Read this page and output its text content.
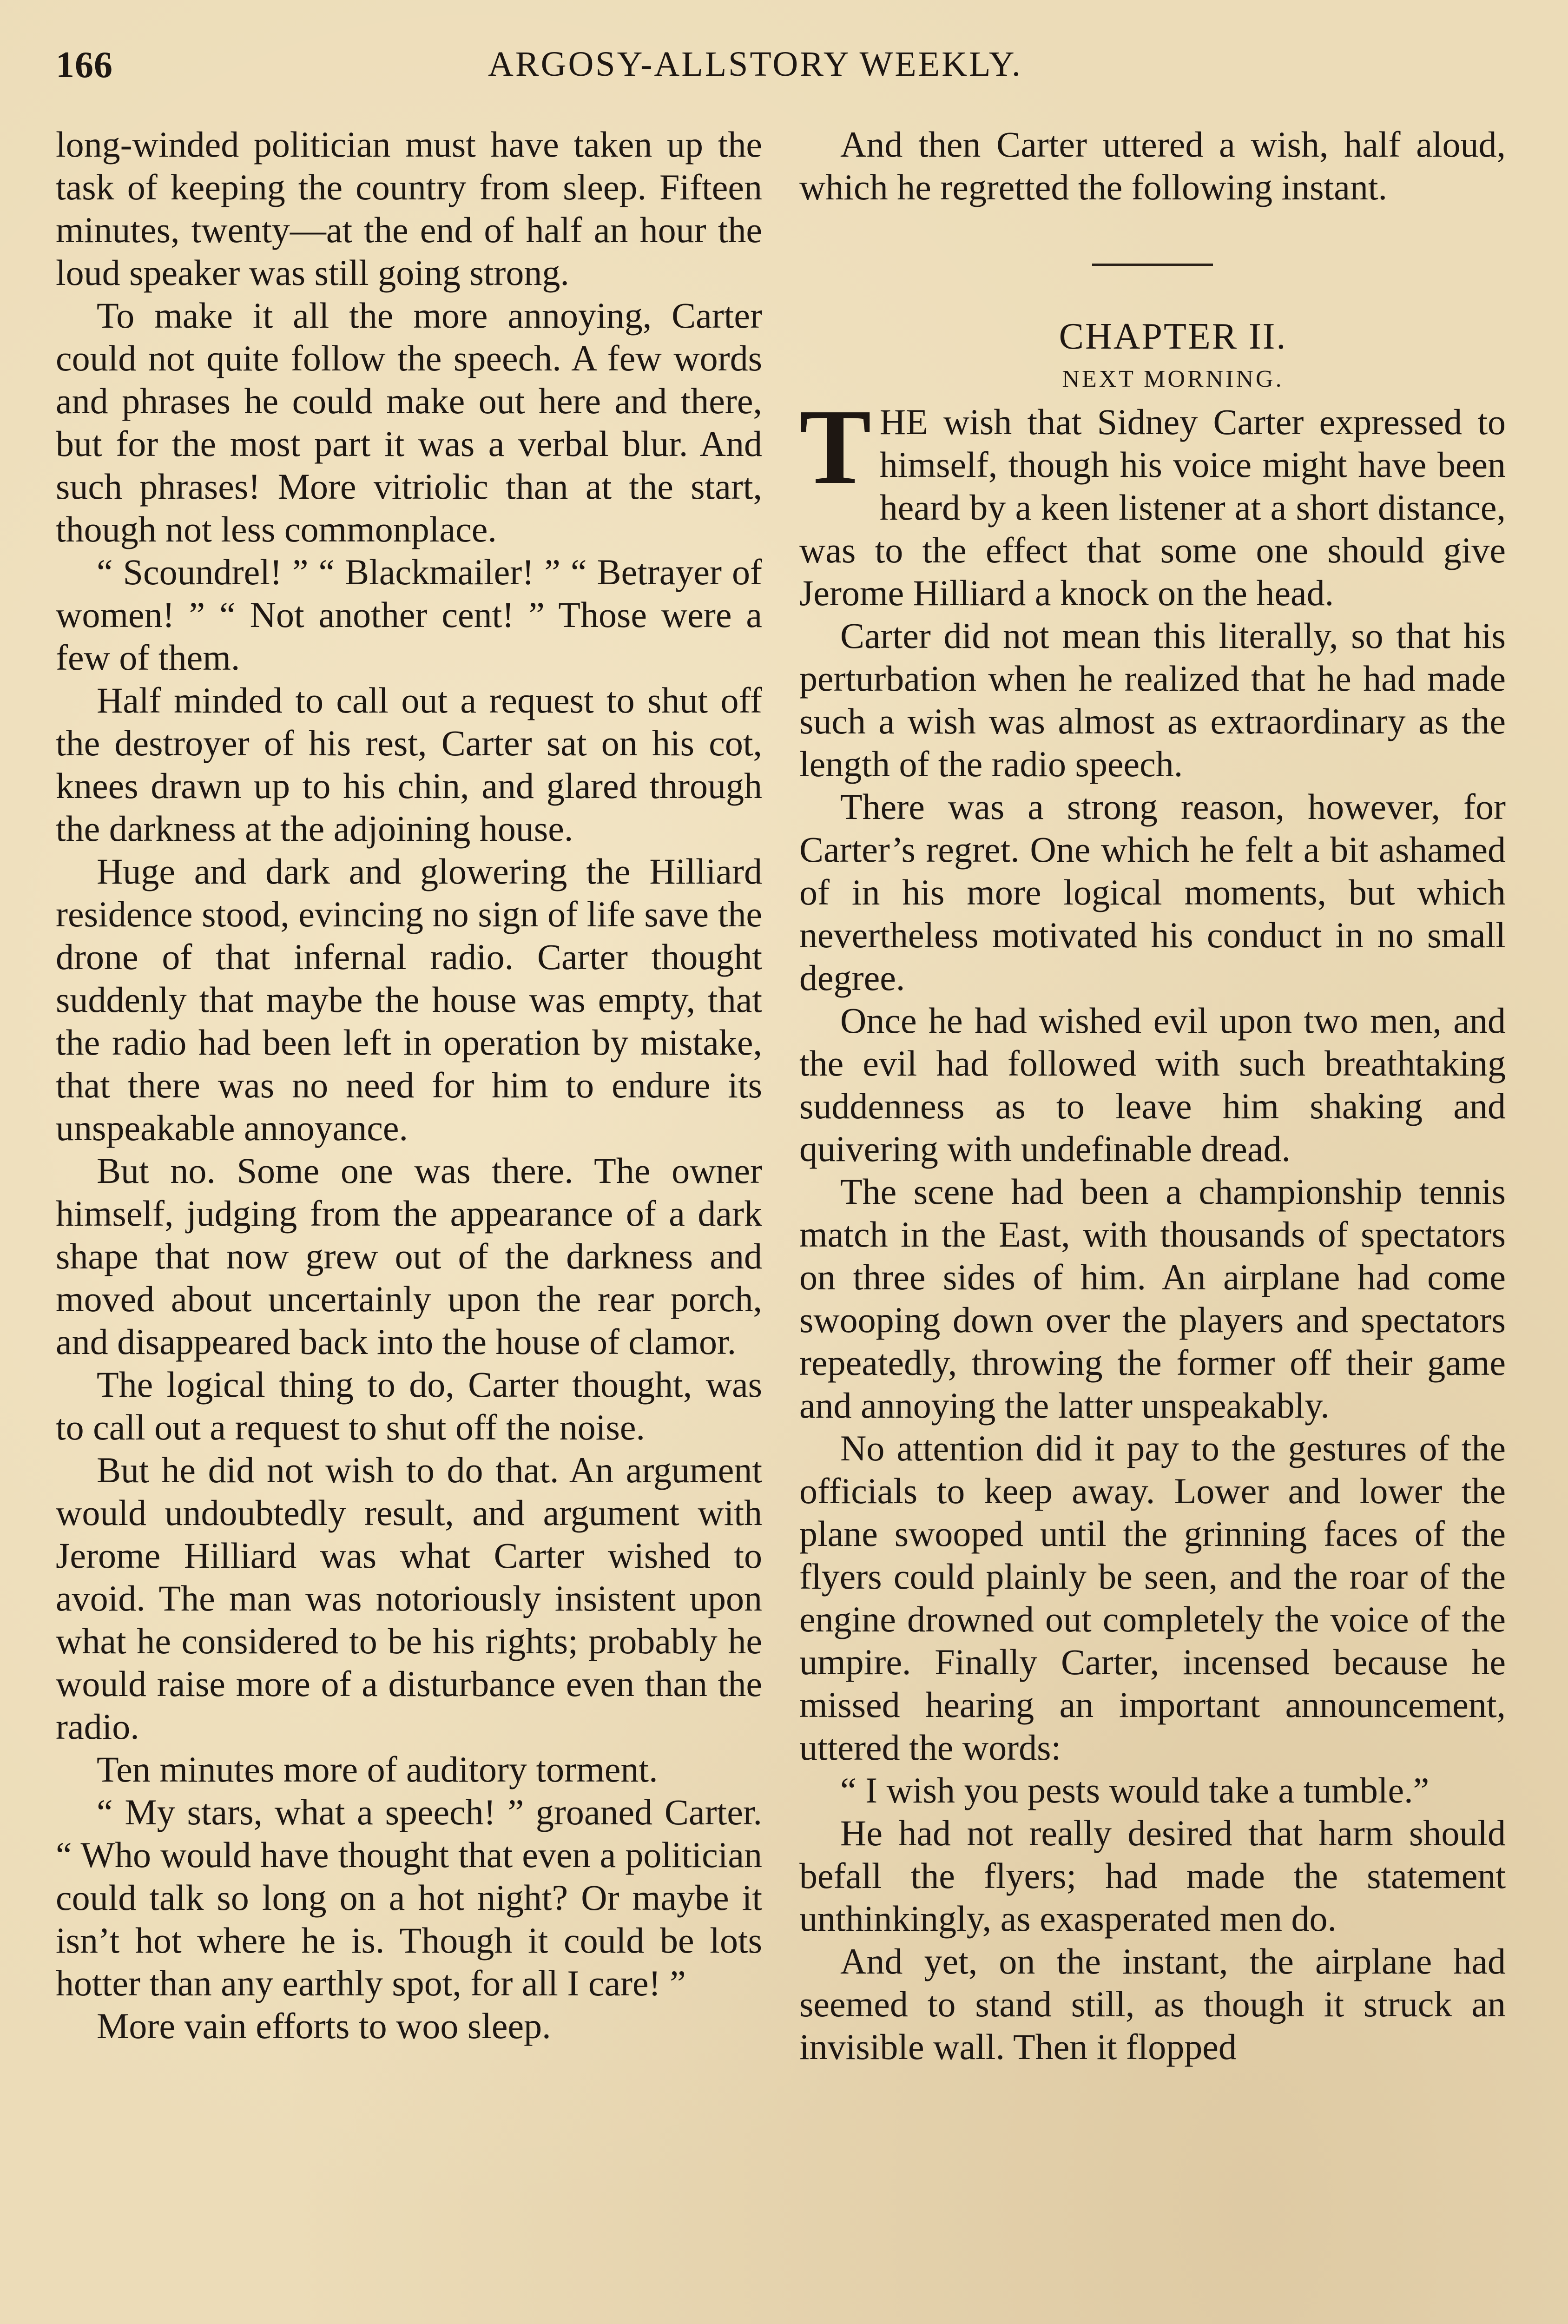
166	ARGOSY-ALLSTORY WEEKLY.

long-winded politician must have taken up the task of keeping the country from sleep. Fifteen minutes, twenty—at the end of half an hour the loud speaker was still going strong.

To make it all the more annoying, Carter could not quite follow the speech. A few words and phrases he could make out here and there, but for the most part it was a verbal blur. And such phrases! More vitriolic than at the start, though not less commonplace.

“ Scoundrel! ” “ Blackmailer! ” “ Betrayer of women! ” “ Not another cent! ” Those were a few of them.

Half minded to call out a request to shut off the destroyer of his rest, Carter sat on his cot, knees drawn up to his chin, and glared through the darkness at the adjoining house.

Huge and dark and glowering the Hilliard residence stood, evincing no sign of life save the drone of that infernal radio. Carter thought suddenly that maybe the house was empty, that the radio had been left in operation by mistake, that there was no need for him to endure its unspeakable annoyance.

But no. Some one was there. The owner himself, judging from the appearance of a dark shape that now grew out of the darkness and moved about uncertainly upon the rear porch, and disappeared back into the house of clamor.

The logical thing to do, Carter thought, was to call out a request to shut off the noise.

But he did not wish to do that. An argument would undoubtedly result, and argument with Jerome Hilliard was what Carter wished to avoid. The man was notoriously insistent upon what he considered to be his rights; probably he would raise more of a disturbance even than the radio.

Ten minutes more of auditory torment.

“ My stars, what a speech! ” groaned Carter. “ Who would have thought that even a politician could talk so long on a hot night? Or maybe it isn’t hot where he is. Though it could be lots hotter than any earthly spot, for all I care! ”

More vain efforts to woo sleep.

And then Carter uttered a wish, half aloud, which he regretted the following instant.

CHAPTER II.

NEXT MORNING.

T HE wish that Sidney Carter expressed to himself, though his voice might have been heard by a keen listener at a short distance, was to the effect that some one should give Jerome Hilliard a knock on the head.

Carter did not mean this literally, so that his perturbation when he realized that he had made such a wish was almost as extraordinary as the length of the radio speech.

There was a strong reason, however, for Carter’s regret. One which he felt a bit ashamed of in his more logical moments, but which nevertheless motivated his conduct in no small degree.

Once he had wished evil upon two men, and the evil had followed with such breathtaking suddenness as to leave him shaking and quivering with undefinable dread.

The scene had been a championship tennis match in the East, with thousands of spectators on three sides of him. An airplane had come swooping down over the players and spectators repeatedly, throwing the former off their game and annoying the latter unspeakably.

No attention did it pay to the gestures of the officials to keep away. Lower and lower the plane swooped until the grinning faces of the flyers could plainly be seen, and the roar of the engine drowned out completely the voice of the umpire. Finally Carter, incensed because he missed hearing an important announcement, uttered the words:

“ I wish you pests would take a tumble.”

He had not really desired that harm should befall the flyers; had made the statement unthinkingly, as exasperated men do.

And yet, on the instant, the airplane had seemed to stand still, as though it struck an invisible wall. Then it flopped
